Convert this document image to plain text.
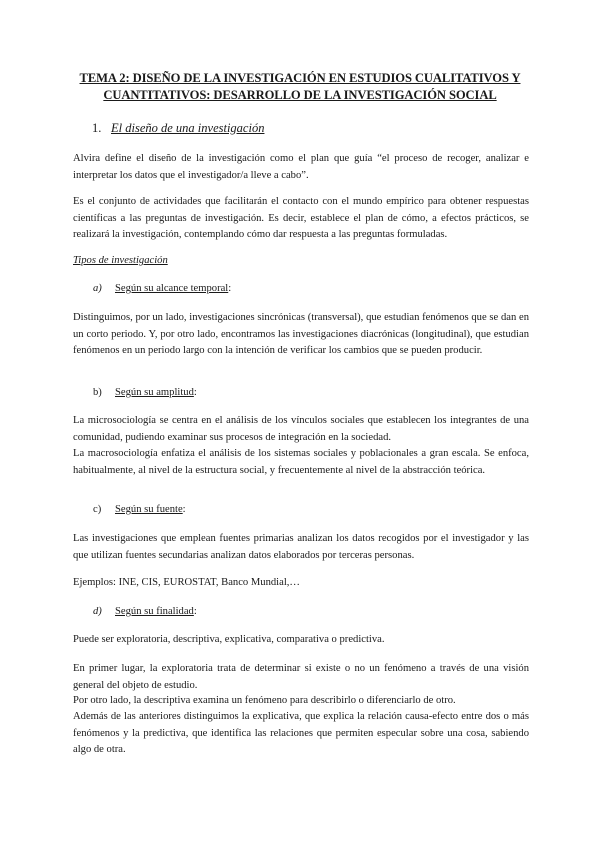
TEMA 2: DISEÑO DE LA INVESTIGACIÓN EN ESTUDIOS CUALITATIVOS Y CUANTITATIVOS: DESARROLLO DE LA INVESTIGACIÓN SOCIAL
1. El diseño de una investigación

Alvira define el diseño de la investigación como el plan que guía “el proceso de recoger, analizar e interpretar los datos que el investigador/a lleve a cabo”.

Es el conjunto de actividades que facilitarán el contacto con el mundo empírico para obtener respuestas científicas a las preguntas de investigación. Es decir, establece el plan de cómo, a efectos prácticos, se realizará la investigación, contemplando cómo dar respuesta a las preguntas formuladas.

Tipos de investigación
a) Según su alcance temporal:

Distinguimos, por un lado, investigaciones sincrónicas (transversal), que estudian fenómenos que se dan en un corto periodo. Y, por otro lado, encontramos las investigaciones diacrónicas (longitudinal), que estudian fenómenos en un periodo largo con la intención de verificar los cambios que se pueden producir.

b) Según su amplitud:

La microsociología se centra en el análisis de los vínculos sociales que establecen los integrantes de una comunidad, pudiendo examinar sus procesos de integración en la sociedad.

La macrosociología enfatiza el análisis de los sistemas sociales y poblacionales a gran escala. Se enfoca, habitualmente, al nivel de la estructura social, y frecuentemente al nivel de la abstracción teórica.

c) Según su fuente:

Las investigaciones que emplean fuentes primarias analizan los datos recogidos por el investigador y las que utilizan fuentes secundarias analizan datos elaborados por terceras personas.

Ejemplos: INE, CIS, EUROSTAT, Banco Mundial,…

d) Según su finalidad:

Puede ser exploratoria, descriptiva, explicativa, comparativa o predictiva.

En primer lugar, la exploratoria trata de determinar si existe o no un fenómeno a través de una visión general del objeto de estudio.

Por otro lado, la descriptiva examina un fenómeno para describirlo o diferenciarlo de otro.

Además de las anteriores distinguimos la explicativa, que explica la relación causa-efecto entre dos o más fenómenos y la predictiva, que identifica las relaciones que permiten especular sobre una cosa, sabiendo algo de otra.
